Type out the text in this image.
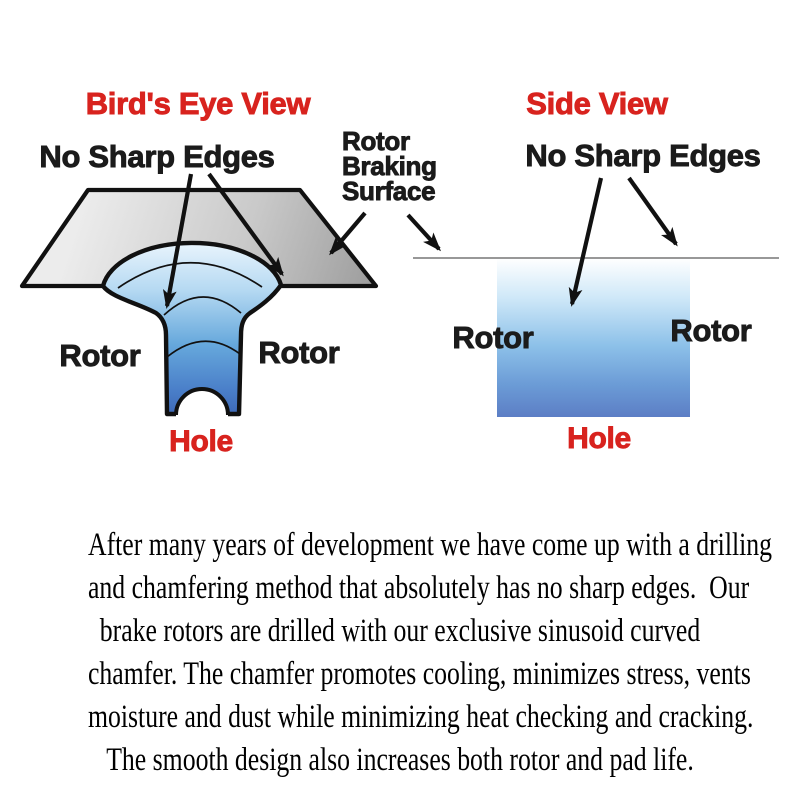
Bird's Eye View	Side View
No Sharp Edges	No Sharp Edges
Rotor
Braking
Surface
Rotor	Rotor	Rotor	Rotor
Hole	Hole
After many years of development we have come up with a drilling
and chamfering method that absolutely has no sharp edges.  Our
brake rotors are drilled with our exclusive sinusoid curved
chamfer. The chamfer promotes cooling, minimizes stress, vents
moisture and dust while minimizing heat checking and cracking.
The smooth design also increases both rotor and pad life.
